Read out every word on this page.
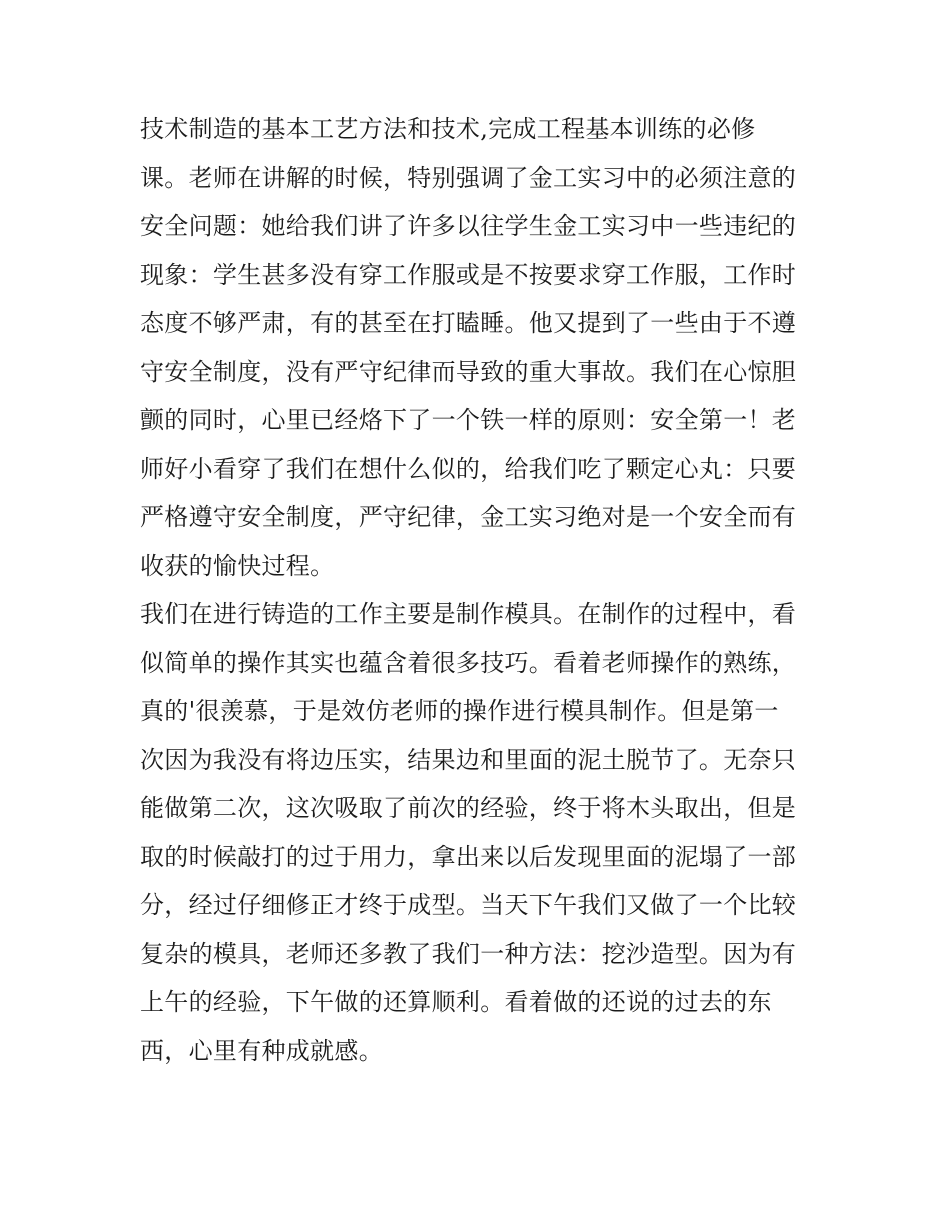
技术制造的基本工艺方法和技术,完成工程基本训练的必修
课。老师在讲解的时候，特别强调了金工实习中的必须注意的
安全问题：她给我们讲了许多以往学生金工实习中一些违纪的
现象：学生甚多没有穿工作服或是不按要求穿工作服，工作时
态度不够严肃，有的甚至在打瞌睡。他又提到了一些由于不遵
守安全制度，没有严守纪律而导致的重大事故。我们在心惊胆
颤的同时，心里已经烙下了一个铁一样的原则：安全第一！老
师好小看穿了我们在想什么似的，给我们吃了颗定心丸：只要
严格遵守安全制度，严守纪律，金工实习绝对是一个安全而有
收获的愉快过程。
我们在进行铸造的工作主要是制作模具。在制作的过程中，看
似简单的操作其实也蕴含着很多技巧。看着老师操作的熟练，
真的'很羡慕，于是效仿老师的操作进行模具制作。但是第一
次因为我没有将边压实，结果边和里面的泥土脱节了。无奈只
能做第二次，这次吸取了前次的经验，终于将木头取出，但是
取的时候敲打的过于用力，拿出来以后发现里面的泥塌了一部
分，经过仔细修正才终于成型。当天下午我们又做了一个比较
复杂的模具，老师还多教了我们一种方法：挖沙造型。因为有
上午的经验，下午做的还算顺利。看着做的还说的过去的东
西，心里有种成就感。
